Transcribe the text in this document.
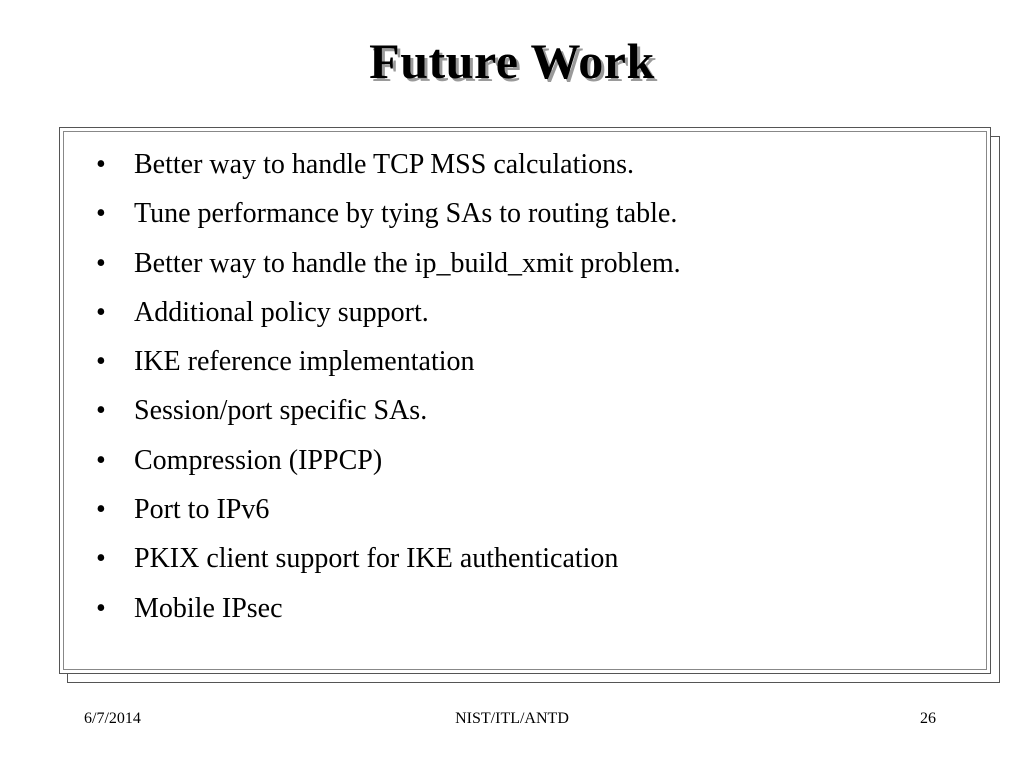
Future Work
• Better way to handle TCP MSS calculations.
• Tune performance by tying SAs to routing table.
• Better way to handle the ip_build_xmit problem.
• Additional policy support.
• IKE reference implementation
• Session/port specific SAs.
• Compression (IPPCP)
• Port to IPv6
• PKIX client support for IKE authentication
• Mobile IPsec
6/7/2014	NIST/ITL/ANTD	26
